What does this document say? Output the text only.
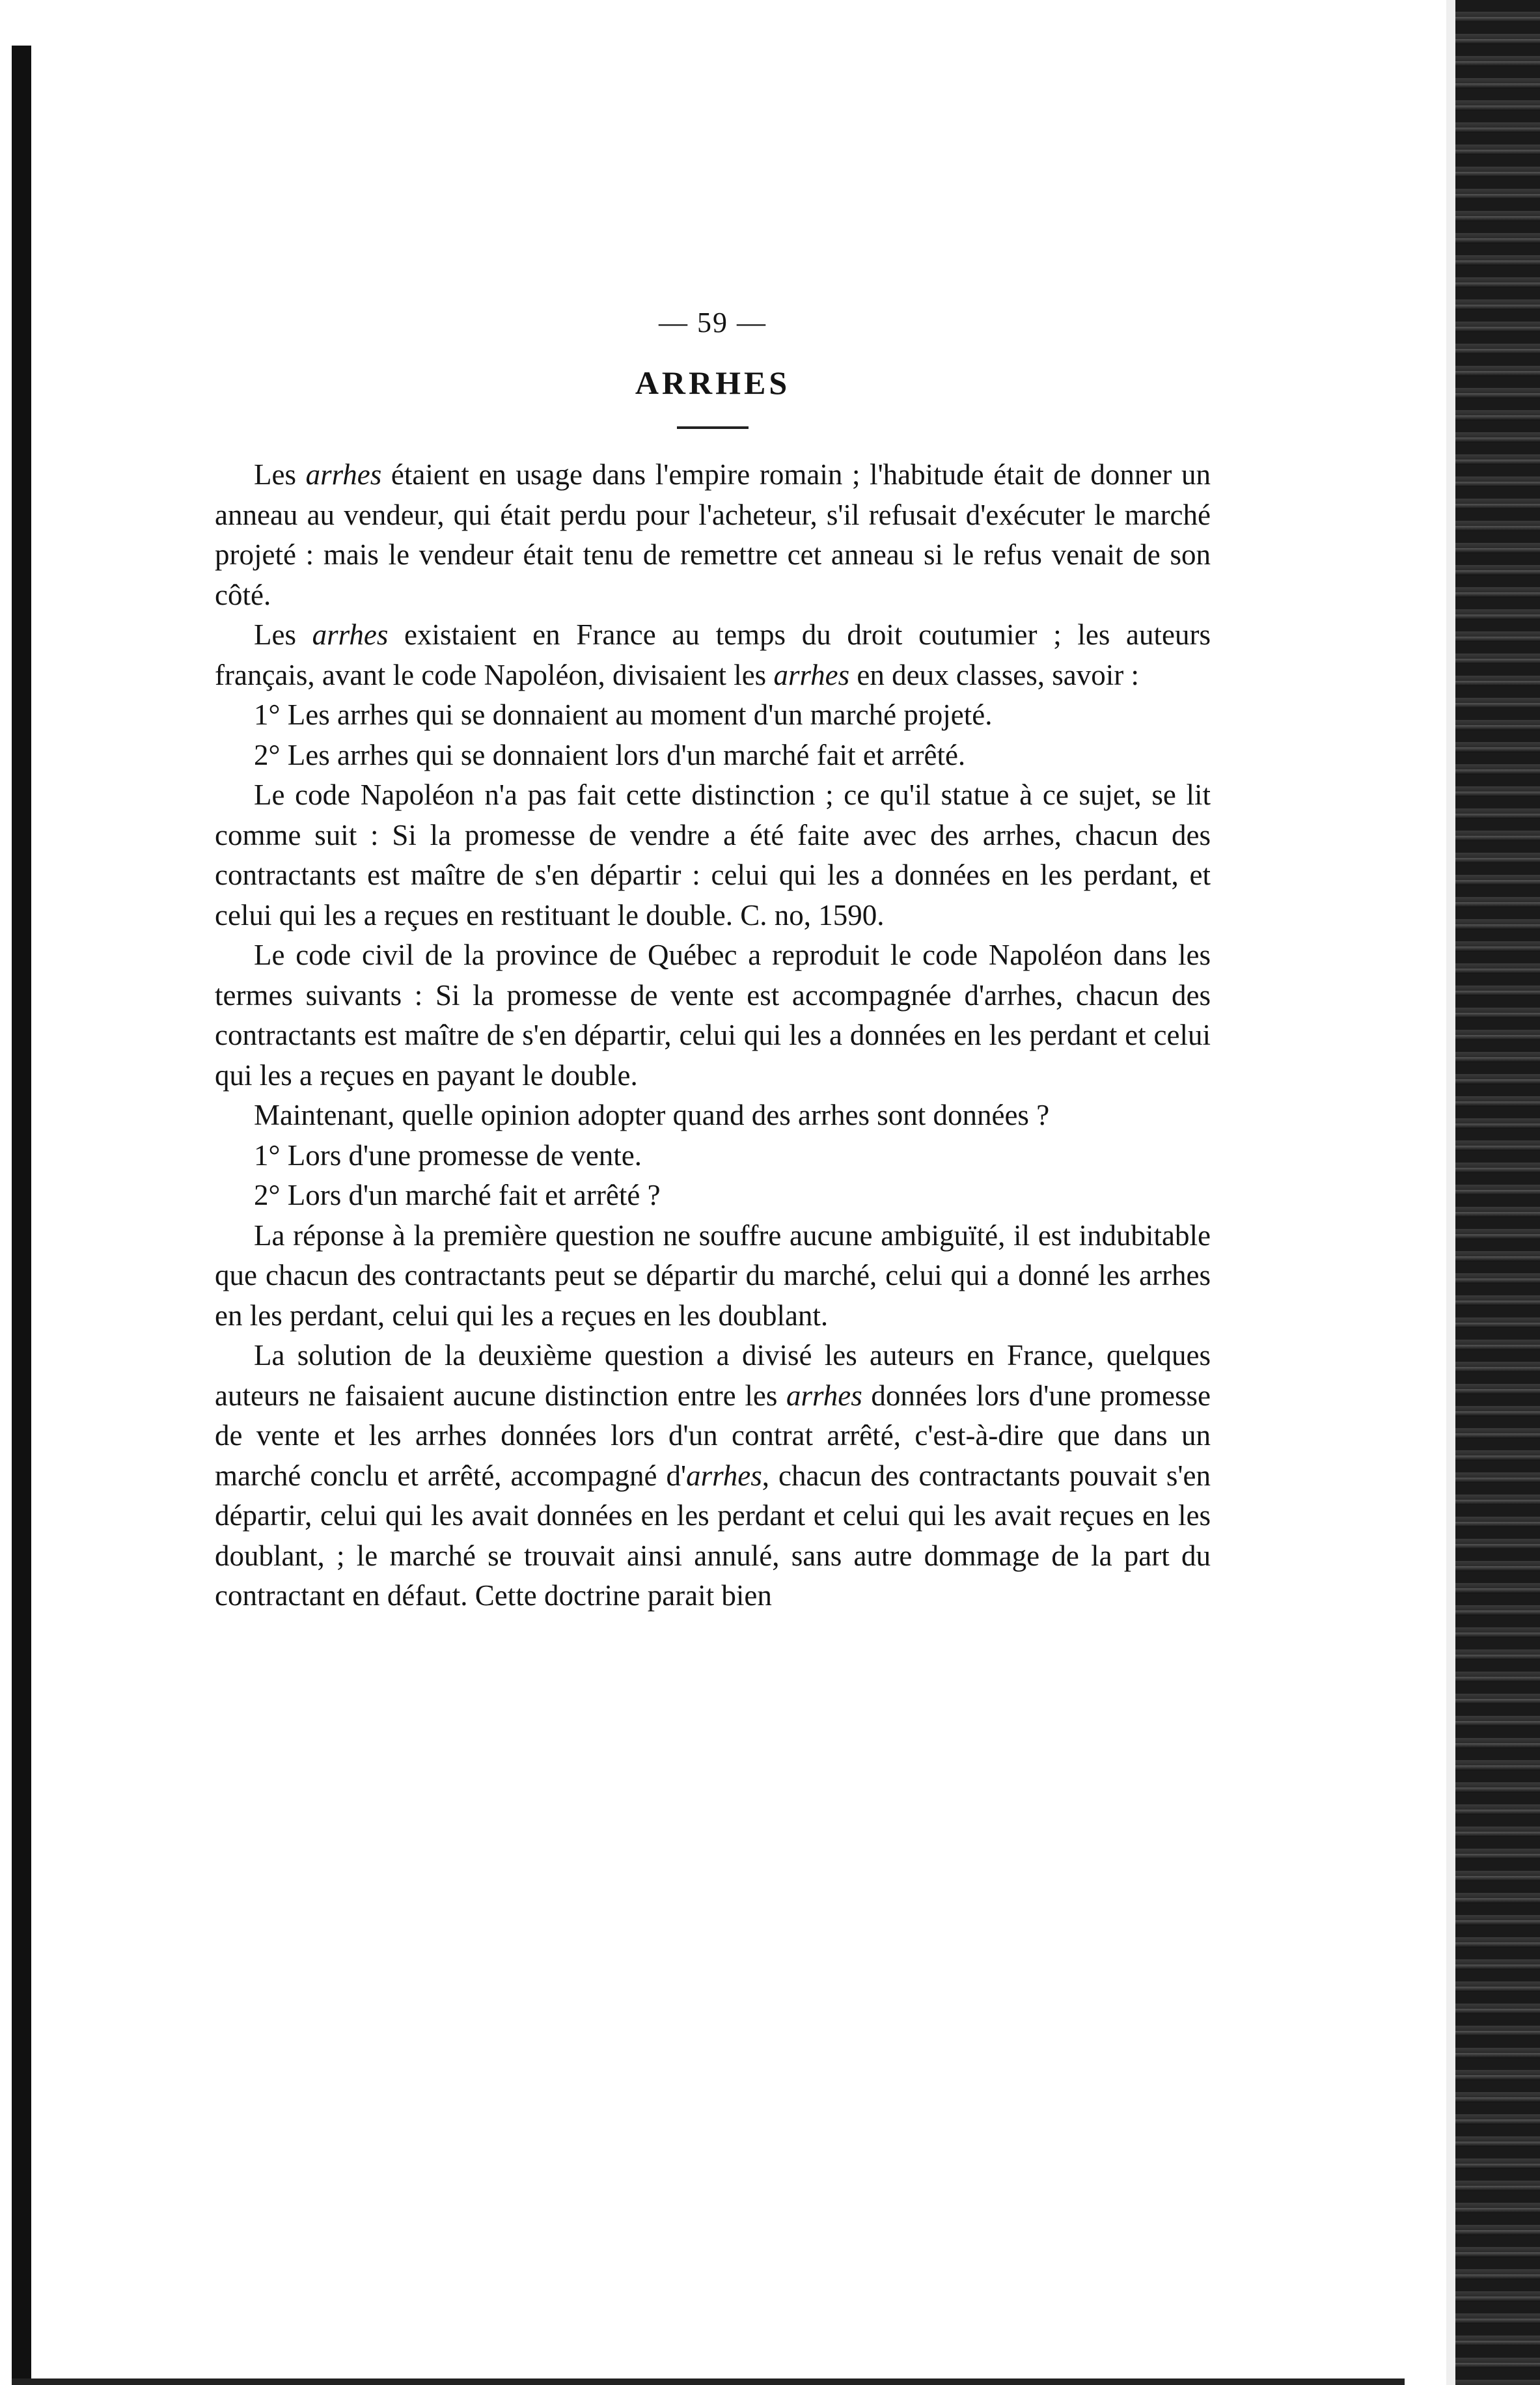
— 59 —
ARRHES

Les arrhes étaient en usage dans l'empire romain ; l'habitude était de donner un anneau au vendeur, qui était perdu pour l'acheteur, s'il refusait d'exécuter le marché projeté : mais le vendeur était tenu de remettre cet anneau si le refus venait de son côté.

Les arrhes existaient en France au temps du droit coutumier ; les auteurs français, avant le code Napoléon, divisaient les arrhes en deux classes, savoir :

1° Les arrhes qui se donnaient au moment d'un marché projeté.

2° Les arrhes qui se donnaient lors d'un marché fait et arrêté.

Le code Napoléon n'a pas fait cette distinction ; ce qu'il statue à ce sujet, se lit comme suit : Si la promesse de vendre a été faite avec des arrhes, chacun des contractants est maître de s'en départir : celui qui les a données en les perdant, et celui qui les a reçues en restituant le double. C. no, 1590.

Le code civil de la province de Québec a reproduit le code Napoléon dans les termes suivants : Si la promesse de vente est accompagnée d'arrhes, chacun des contractants est maître de s'en départir, celui qui les a données en les perdant et celui qui les a reçues en payant le double.

Maintenant, quelle opinion adopter quand des arrhes sont données ?

1° Lors d'une promesse de vente.

2° Lors d'un marché fait et arrêté ?

La réponse à la première question ne souffre aucune ambiguïté, il est indubitable que chacun des contractants peut se départir du marché, celui qui a donné les arrhes en les perdant, celui qui les a reçues en les doublant.

La solution de la deuxième question a divisé les auteurs en France, quelques auteurs ne faisaient aucune distinction entre les arrhes données lors d'une promesse de vente et les arrhes données lors d'un contrat arrêté, c'est-à-dire que dans un marché conclu et arrêté, accompagné d'arrhes, chacun des contractants pouvait s'en départir, celui qui les avait données en les perdant et celui qui les avait reçues en les doublant, ; le marché se trouvait ainsi annulé, sans autre dommage de la part du contractant en défaut. Cette doctrine parait bien
